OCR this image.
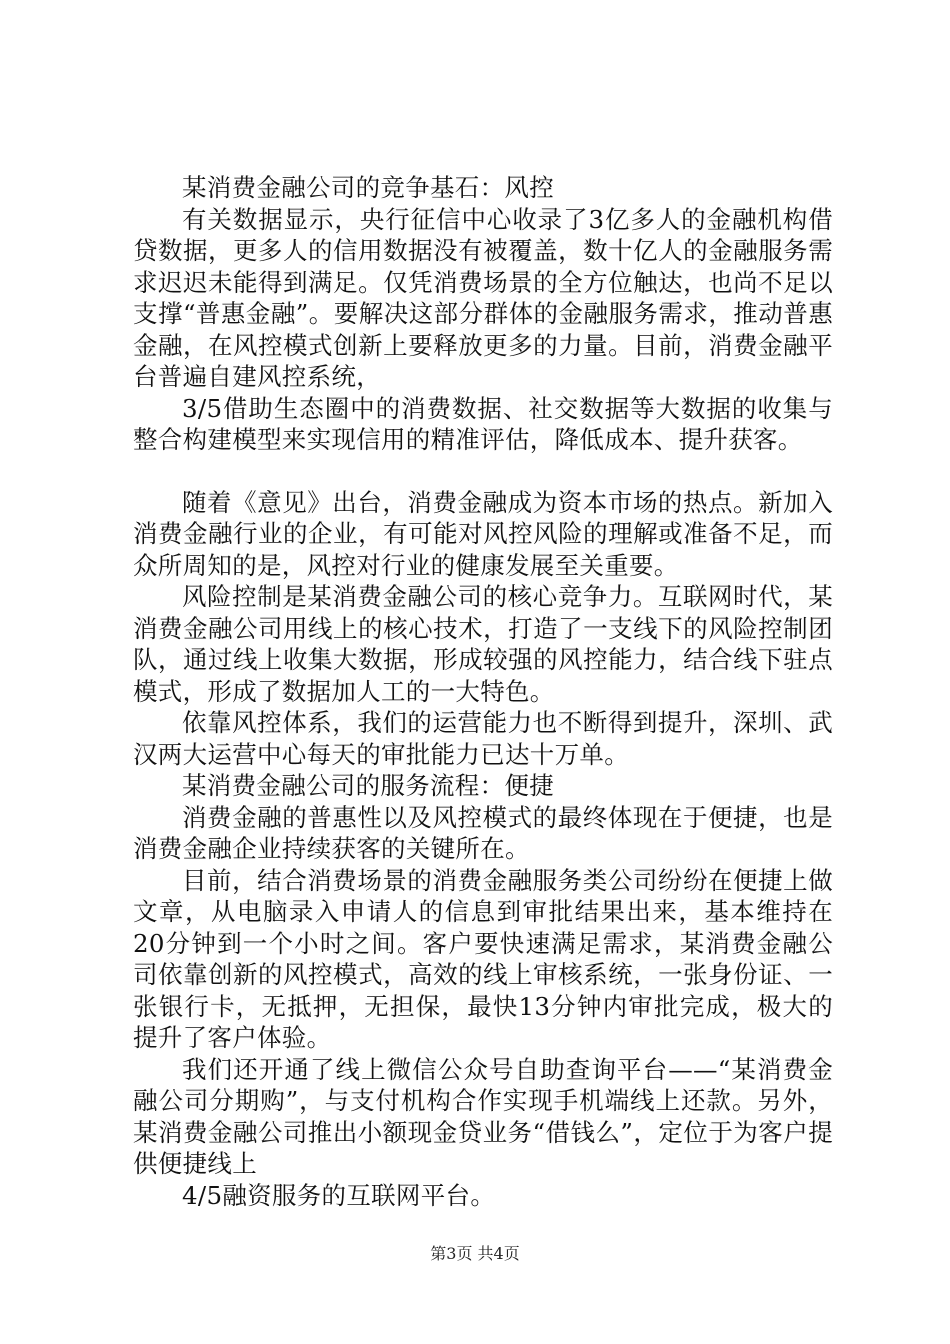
某消费金融公司的竞争基石：风控

有关数据显示，央行征信中心收录了3亿多人的金融机构借贷数据，更多人的信用数据没有被覆盖，数十亿人的金融服务需求迟迟未能得到满足。仅凭消费场景的全方位触达，也尚不足以支撑“普惠金融”。要解决这部分群体的金融服务需求，推动普惠金融，在风控模式创新上要释放更多的力量。目前，消费金融平台普遍自建风控系统，

3/5借助生态圈中的消费数据、社交数据等大数据的收集与整合构建模型来实现信用的精准评估，降低成本、提升获客。

随着《意见》出台，消费金融成为资本市场的热点。新加入消费金融行业的企业，有可能对风控风险的理解或准备不足，而众所周知的是，风控对行业的健康发展至关重要。

风险控制是某消费金融公司的核心竞争力。互联网时代，某消费金融公司用线上的核心技术，打造了一支线下的风险控制团队，通过线上收集大数据，形成较强的风控能力，结合线下驻点模式，形成了数据加人工的一大特色。

依靠风控体系，我们的运营能力也不断得到提升，深圳、武汉两大运营中心每天的审批能力已达十万单。

某消费金融公司的服务流程：便捷

消费金融的普惠性以及风控模式的最终体现在于便捷，也是消费金融企业持续获客的关键所在。

目前，结合消费场景的消费金融服务类公司纷纷在便捷上做文章，从电脑录入申请人的信息到审批结果出来，基本维持在20分钟到一个小时之间。客户要快速满足需求，某消费金融公司依靠创新的风控模式，高效的线上审核系统，一张身份证、一张银行卡，无抵押，无担保，最快13分钟内审批完成，极大的提升了客户体验。

我们还开通了线上微信公众号自助查询平台——“某消费金融公司分期购”，与支付机构合作实现手机端线上还款。另外，某消费金融公司推出小额现金贷业务“借钱么”，定位于为客户提供便捷线上

4/5融资服务的互联网平台。

第3页 共4页
